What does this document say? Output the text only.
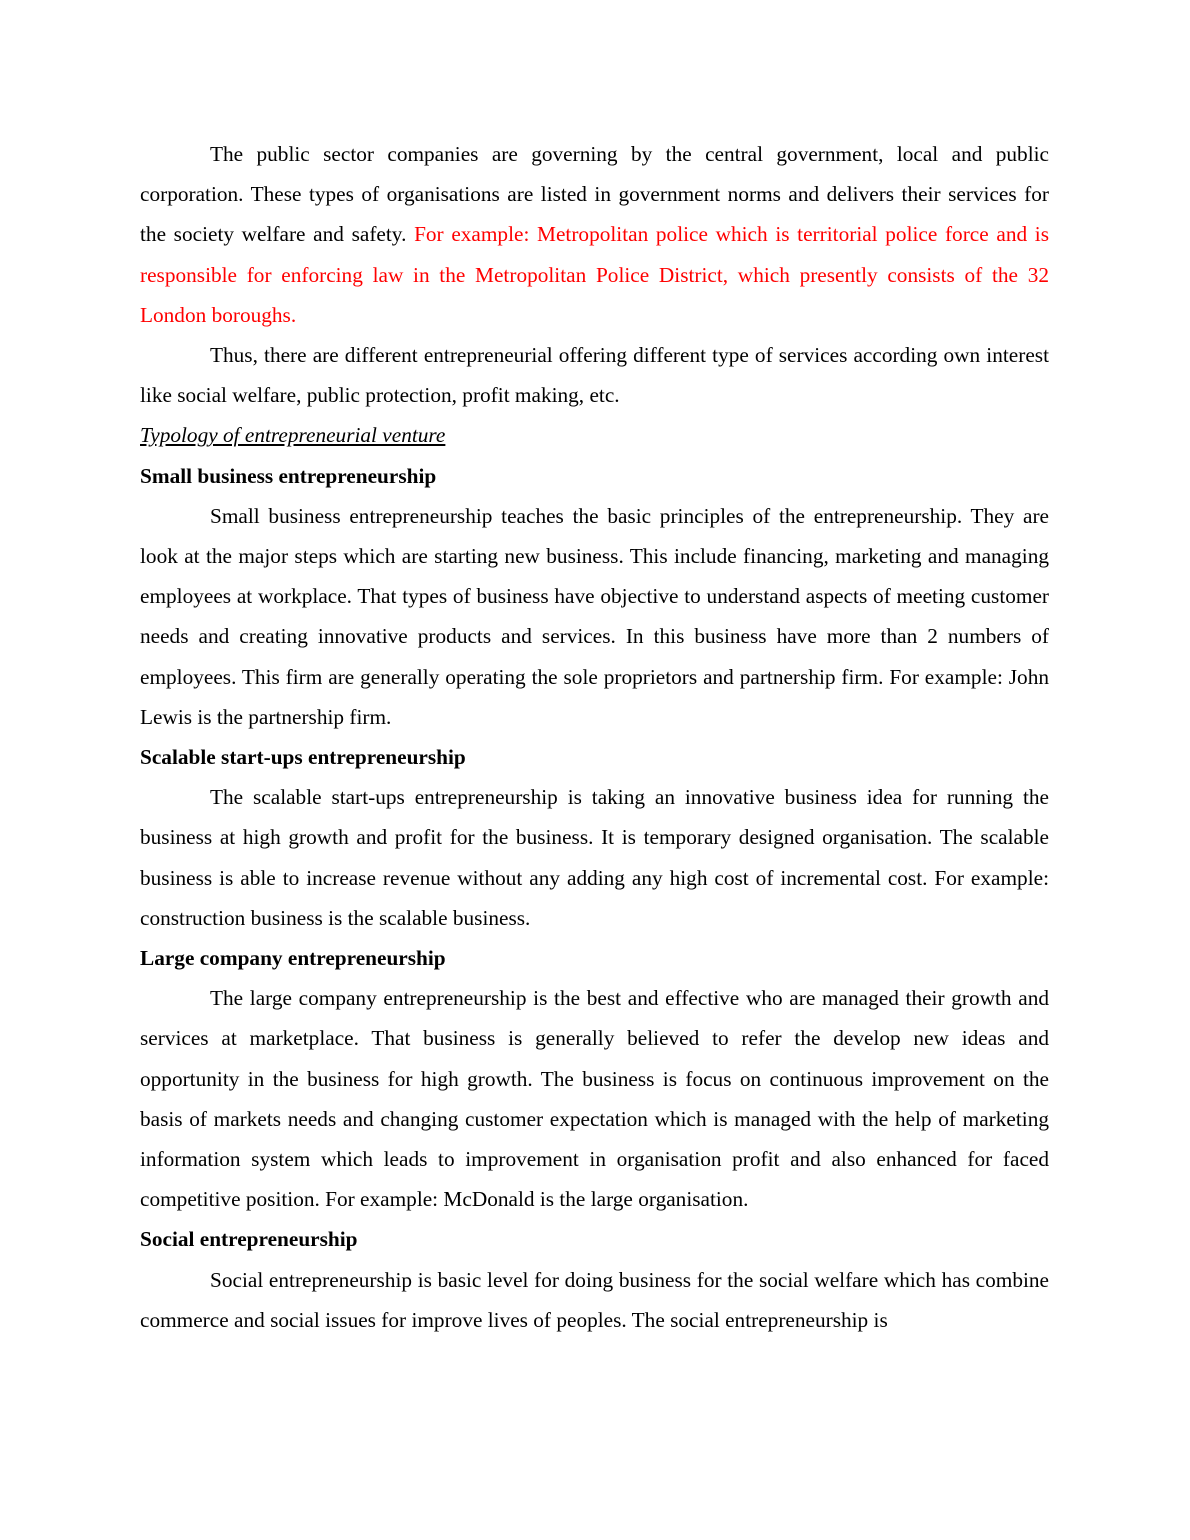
The public sector companies are governing by the central government, local and public corporation. These types of organisations are listed in government norms and delivers their services for the society welfare and safety. For example: Metropolitan police which is territorial police force and is responsible for enforcing law in the Metropolitan Police District, which presently consists of the 32 London boroughs.

Thus, there are different entrepreneurial offering different type of services according own interest like social welfare, public protection, profit making, etc.

Typology of entrepreneurial venture

Small business entrepreneurship

Small business entrepreneurship teaches the basic principles of the entrepreneurship. They are look at the major steps which are starting new business. This include financing, marketing and managing employees at workplace. That types of business have objective to understand aspects of meeting customer needs and creating innovative products and services. In this business have more than 2 numbers of employees. This firm are generally operating the sole proprietors and partnership firm. For example: John Lewis is the partnership firm.

Scalable start-ups entrepreneurship

The scalable start-ups entrepreneurship is taking an innovative business idea for running the business at high growth and profit for the business. It is temporary designed organisation. The scalable business is able to increase revenue without any adding any high cost of incremental cost. For example: construction business is the scalable business.

Large company entrepreneurship

The large company entrepreneurship is the best and effective who are managed their growth and services at marketplace. That business is generally believed to refer the develop new ideas and opportunity in the business for high growth. The business is focus on continuous improvement on the basis of markets needs and changing customer expectation which is managed with the help of marketing information system which leads to improvement in organisation profit and also enhanced for faced competitive position. For example: McDonald is the large organisation.

Social entrepreneurship

Social entrepreneurship is basic level for doing business for the social welfare which has combine commerce and social issues for improve lives of peoples. The social entrepreneurship is
